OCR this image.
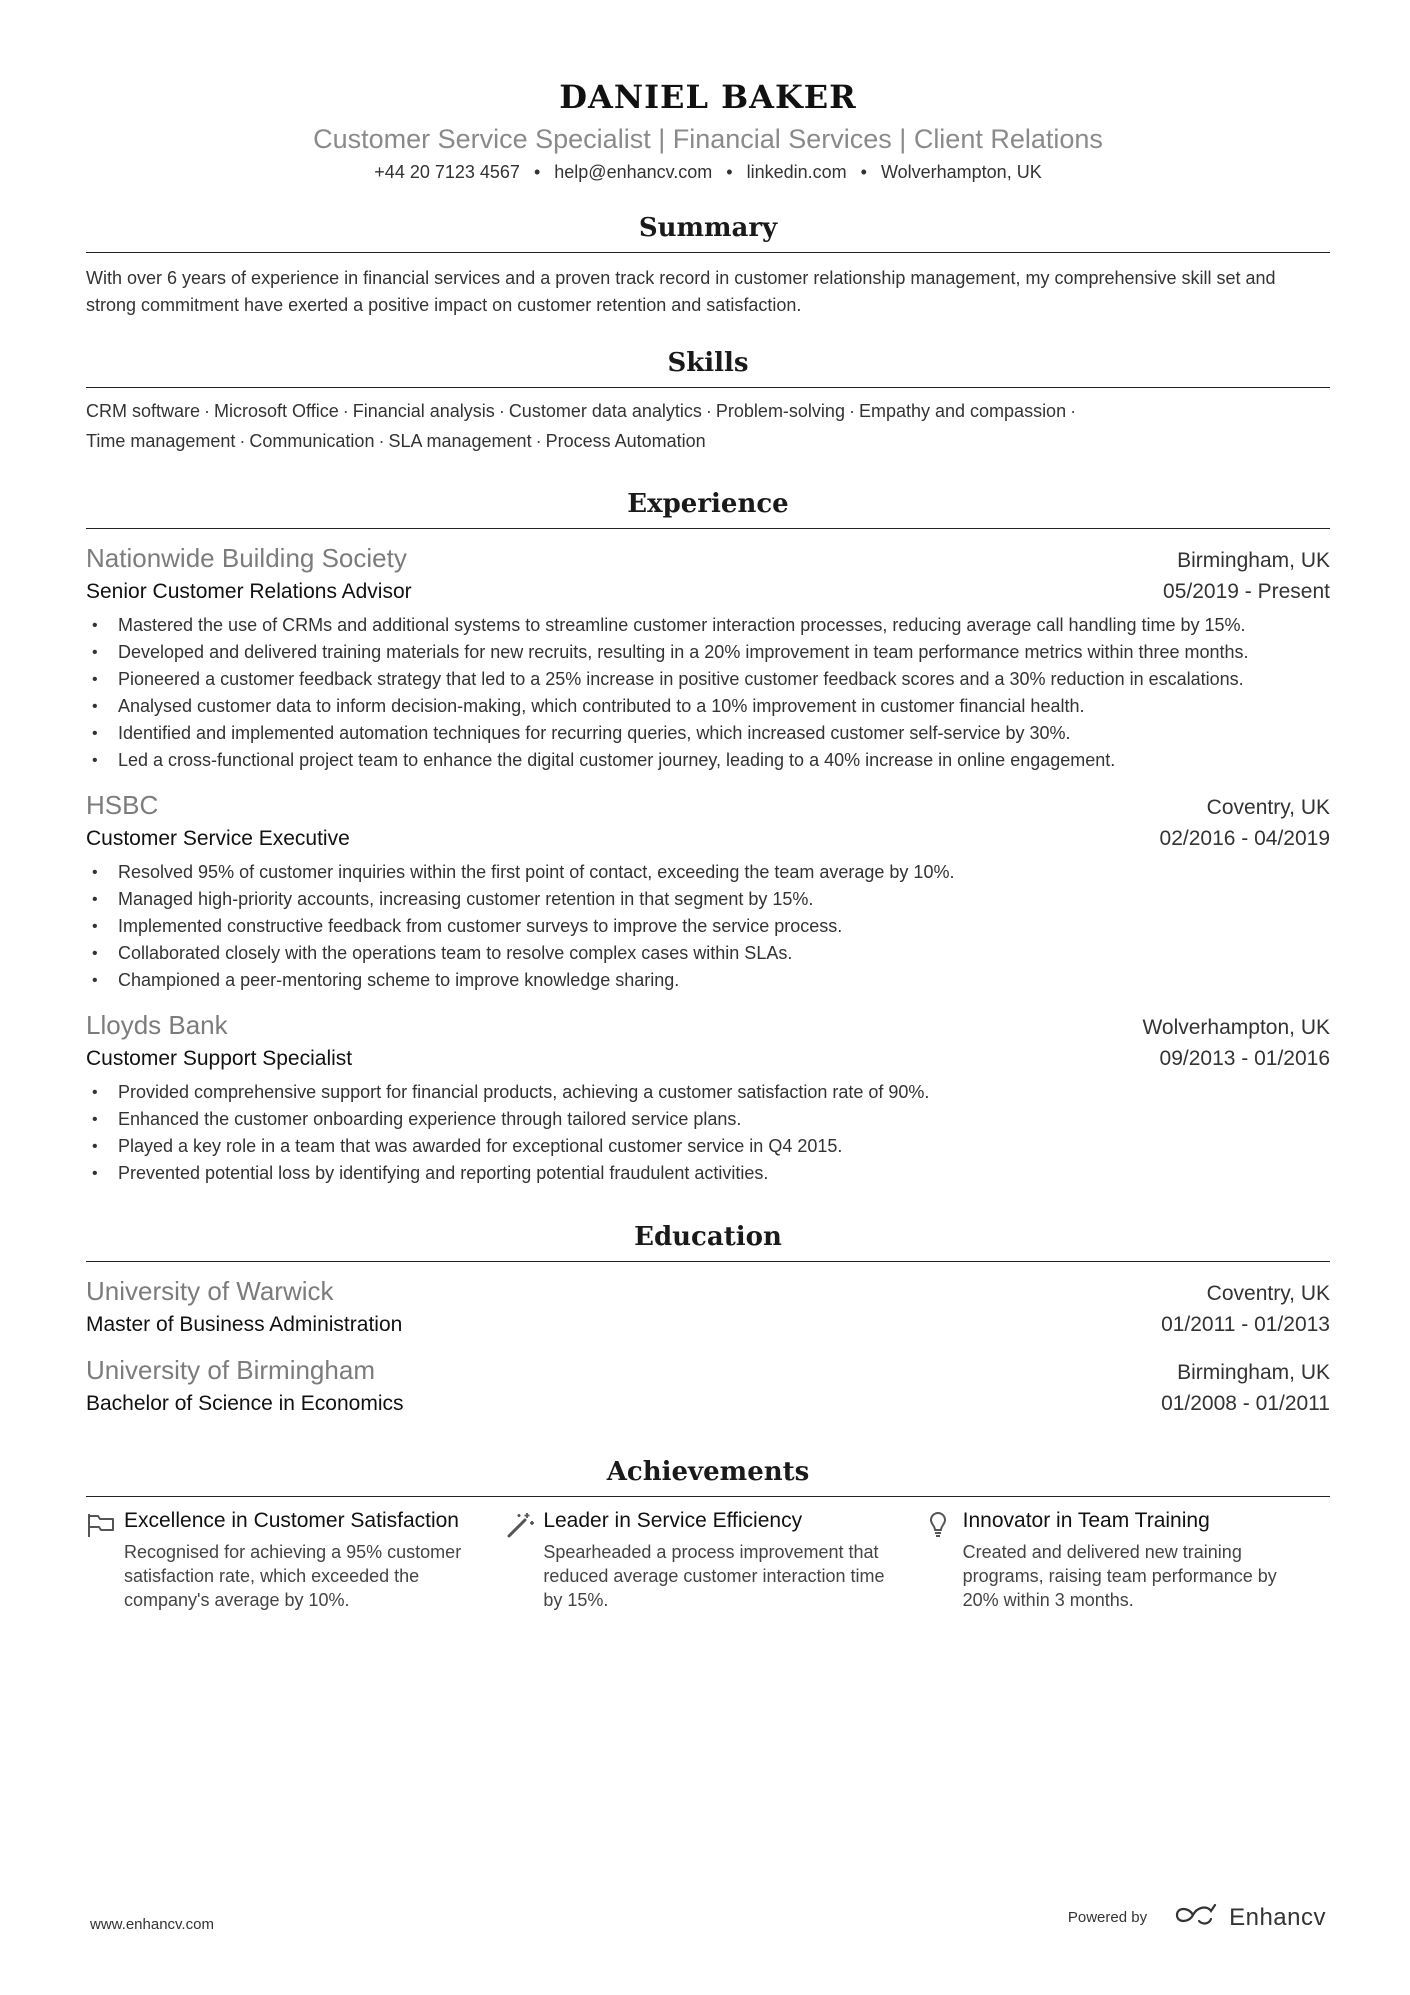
DANIEL BAKER
Customer Service Specialist | Financial Services | Client Relations
+44 20 7123 4567 • help@enhancv.com • linkedin.com • Wolverhampton, UK
Summary
With over 6 years of experience in financial services and a proven track record in customer relationship management, my comprehensive skill set and strong commitment have exerted a positive impact on customer retention and satisfaction.
Skills
CRM software · Microsoft Office · Financial analysis · Customer data analytics · Problem-solving · Empathy and compassion ·
Time management · Communication · SLA management · Process Automation
Experience
Nationwide Building Society	Birmingham, UK
Senior Customer Relations Advisor	05/2019 - Present
• Mastered the use of CRMs and additional systems to streamline customer interaction processes, reducing average call handling time by 15%.
• Developed and delivered training materials for new recruits, resulting in a 20% improvement in team performance metrics within three months.
• Pioneered a customer feedback strategy that led to a 25% increase in positive customer feedback scores and a 30% reduction in escalations.
• Analysed customer data to inform decision-making, which contributed to a 10% improvement in customer financial health.
• Identified and implemented automation techniques for recurring queries, which increased customer self-service by 30%.
• Led a cross-functional project team to enhance the digital customer journey, leading to a 40% increase in online engagement.
HSBC	Coventry, UK
Customer Service Executive	02/2016 - 04/2019
• Resolved 95% of customer inquiries within the first point of contact, exceeding the team average by 10%.
• Managed high-priority accounts, increasing customer retention in that segment by 15%.
• Implemented constructive feedback from customer surveys to improve the service process.
• Collaborated closely with the operations team to resolve complex cases within SLAs.
• Championed a peer-mentoring scheme to improve knowledge sharing.
Lloyds Bank	Wolverhampton, UK
Customer Support Specialist	09/2013 - 01/2016
• Provided comprehensive support for financial products, achieving a customer satisfaction rate of 90%.
• Enhanced the customer onboarding experience through tailored service plans.
• Played a key role in a team that was awarded for exceptional customer service in Q4 2015.
• Prevented potential loss by identifying and reporting potential fraudulent activities.
Education
University of Warwick	Coventry, UK
Master of Business Administration	01/2011 - 01/2013
University of Birmingham	Birmingham, UK
Bachelor of Science in Economics	01/2008 - 01/2011
Achievements
Excellence in Customer Satisfaction
Recognised for achieving a 95% customer satisfaction rate, which exceeded the company's average by 10%.
Leader in Service Efficiency
Spearheaded a process improvement that reduced average customer interaction time by 15%.
Innovator in Team Training
Created and delivered new training programs, raising team performance by 20% within 3 months.
www.enhancv.com	Powered by	Enhancv
